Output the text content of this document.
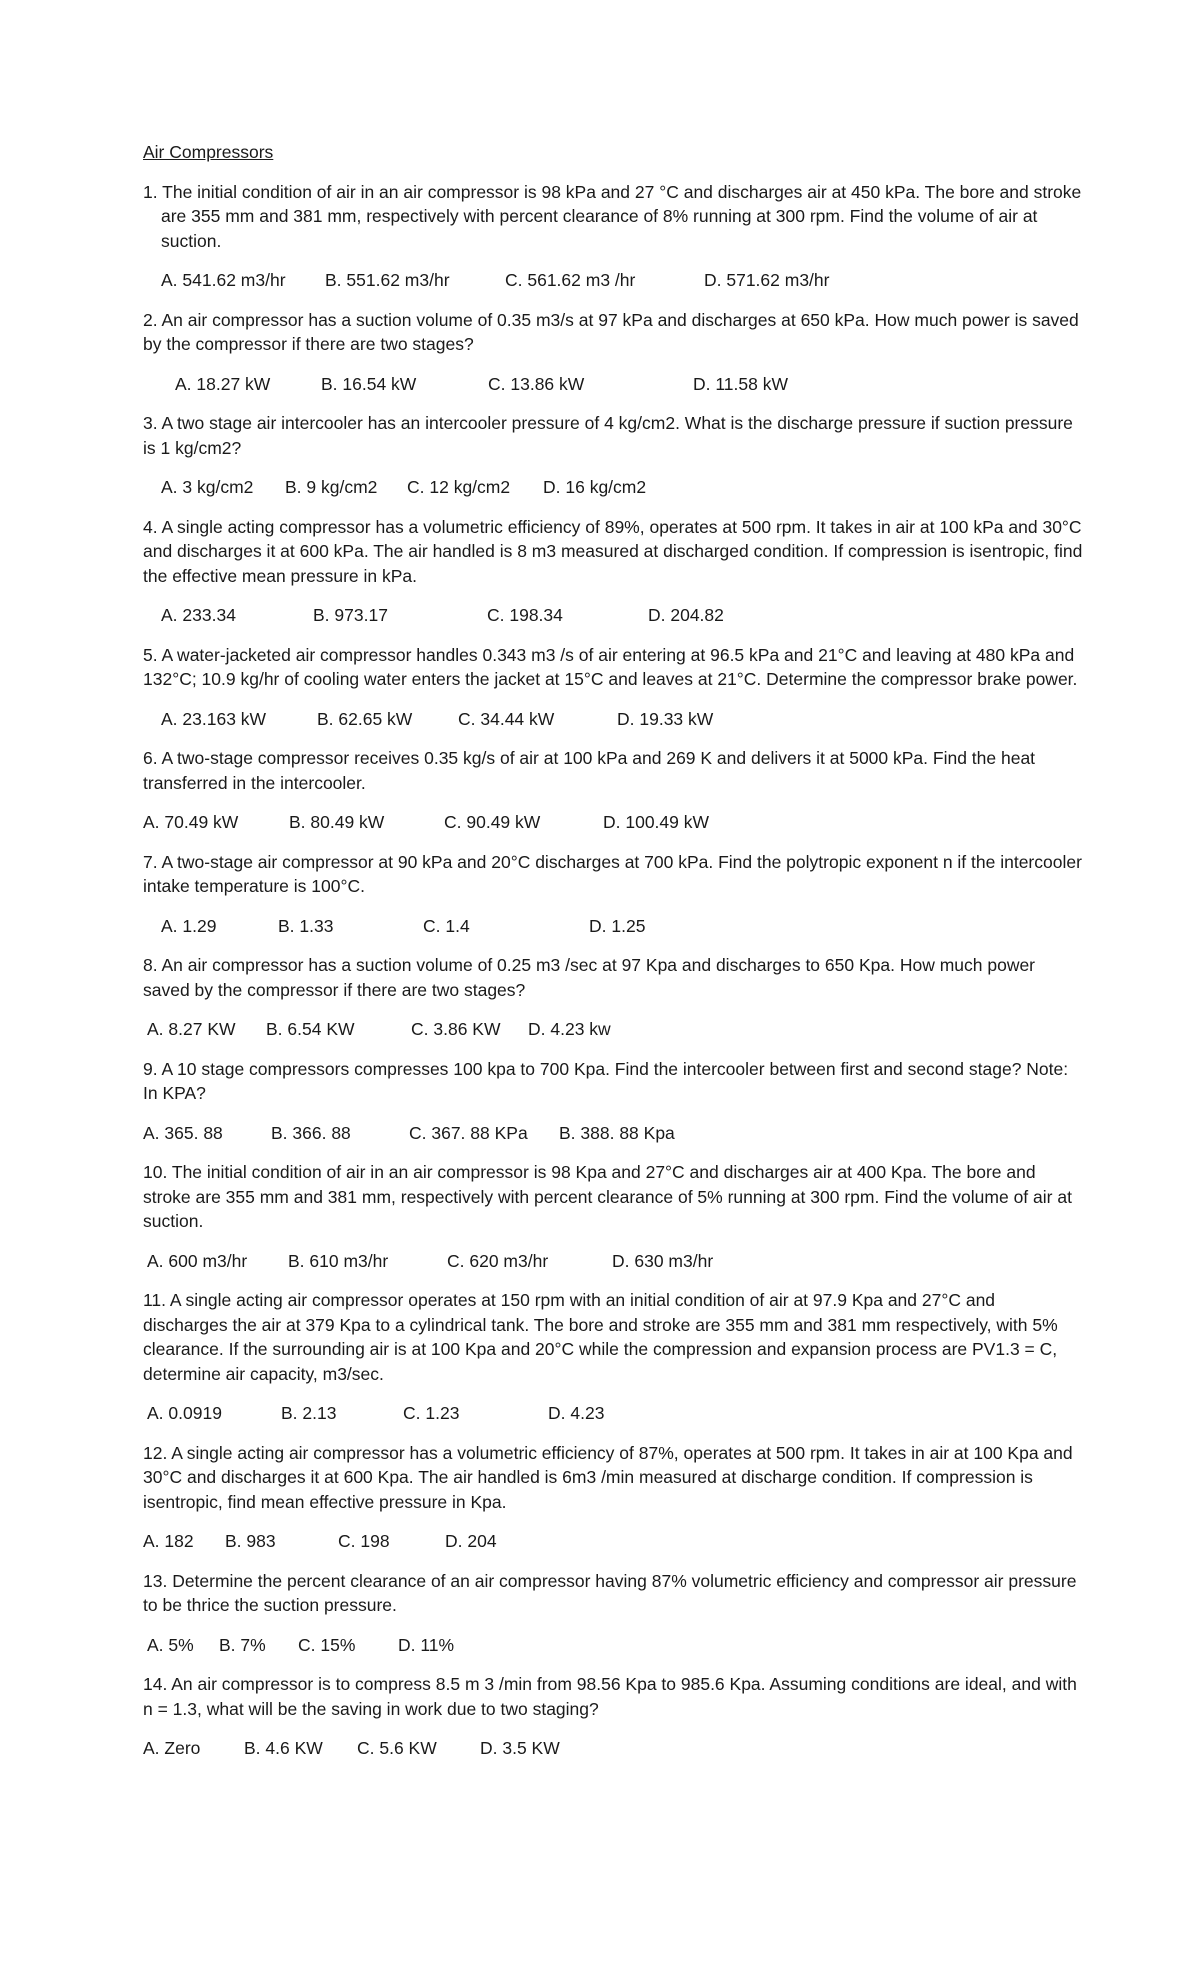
Air Compressors

1. The initial condition of air in an air compressor is 98 kPa and 27 °C and discharges air at 450 kPa. The bore and stroke are 355 mm and 381 mm, respectively with percent clearance of 8% running at 300 rpm. Find the volume of air at suction.

A. 541.62 m3/hr B. 551.62 m3/hr	C. 561.62 m3 /hr	D. 571.62 m3/hr

2. An air compressor has a suction volume of 0.35 m3/s at 97 kPa and discharges at 650 kPa. How much power is saved by the compressor if there are two stages?

A. 18.27 kW	B. 16.54 kW	C. 13.86 kW	D. 11.58 kW

3. A two stage air intercooler has an intercooler pressure of 4 kg/cm2. What is the discharge pressure if suction pressure is 1 kg/cm2?

A. 3 kg/cm2 B. 9 kg/cm2 C. 12 kg/cm2 D. 16 kg/cm2

4. A single acting compressor has a volumetric efficiency of 89%, operates at 500 rpm. It takes in air at 100 kPa and 30°C and discharges it at 600 kPa. The air handled is 8 m3 measured at discharged condition. If compression is isentropic, find the effective mean pressure in kPa.

A. 233.34	B. 973.17	C. 198.34	D. 204.82

5. A water-jacketed air compressor handles 0.343 m3 /s of air entering at 96.5 kPa and 21°C and leaving at 480 kPa and 132°C; 10.9 kg/hr of cooling water enters the jacket at 15°C and leaves at 21°C. Determine the compressor brake power.

A. 23.163 kW	B. 62.65 kW	C. 34.44 kW	D. 19.33 kW

6. A two-stage compressor receives 0.35 kg/s of air at 100 kPa and 269 K and delivers it at 5000 kPa. Find the heat transferred in the intercooler.

A. 70.49 kW	B. 80.49 kW	C. 90.49 kW	D. 100.49 kW

7. A two-stage air compressor at 90 kPa and 20°C discharges at 700 kPa. Find the polytropic exponent n if the intercooler intake temperature is 100°C.

A. 1.29	B. 1.33	C. 1.4	D. 1.25

8. An air compressor has a suction volume of 0.25 m3 /sec at 97 Kpa and discharges to 650 Kpa. How much power saved by the compressor if there are two stages?

A. 8.27 KW B. 6.54 KW	C. 3.86 KW D. 4.23 kw

9. A 10 stage compressors compresses 100 kpa to 700 Kpa. Find the intercooler between first and second stage? Note: In KPA?

A. 365. 88	B. 366. 88	C. 367. 88 KPa B. 388. 88 Kpa

10. The initial condition of air in an air compressor is 98 Kpa and 27°C and discharges air at 400 Kpa. The bore and stroke are 355 mm and 381 mm, respectively with percent clearance of 5% running at 300 rpm. Find the volume of air at suction.

A. 600 m3/hr B. 610 m3/hr	C. 620 m3/hr	D. 630 m3/hr

11. A single acting air compressor operates at 150 rpm with an initial condition of air at 97.9 Kpa and 27°C and discharges the air at 379 Kpa to a cylindrical tank. The bore and stroke are 355 mm and 381 mm respectively, with 5% clearance. If the surrounding air is at 100 Kpa and 20°C while the compression and expansion process are PV1.3 = C, determine air capacity, m3/sec.

A. 0.0919	B. 2.13	C. 1.23	D. 4.23

12. A single acting air compressor has a volumetric efficiency of 87%, operates at 500 rpm. It takes in air at 100 Kpa and 30°C and discharges it at 600 Kpa. The air handled is 6m3 /min measured at discharge condition. If compression is isentropic, find mean effective pressure in Kpa.

A. 182 B. 983	C. 198	D. 204

13. Determine the percent clearance of an air compressor having 87% volumetric efficiency and compressor air pressure to be thrice the suction pressure.

A. 5% B. 7% C. 15% D. 11%

14. An air compressor is to compress 8.5 m 3 /min from 98.56 Kpa to 985.6 Kpa. Assuming conditions are ideal, and with n = 1.3, what will be the saving in work due to two staging?

A. Zero B. 4.6 KW C. 5.6 KW D. 3.5 KW
